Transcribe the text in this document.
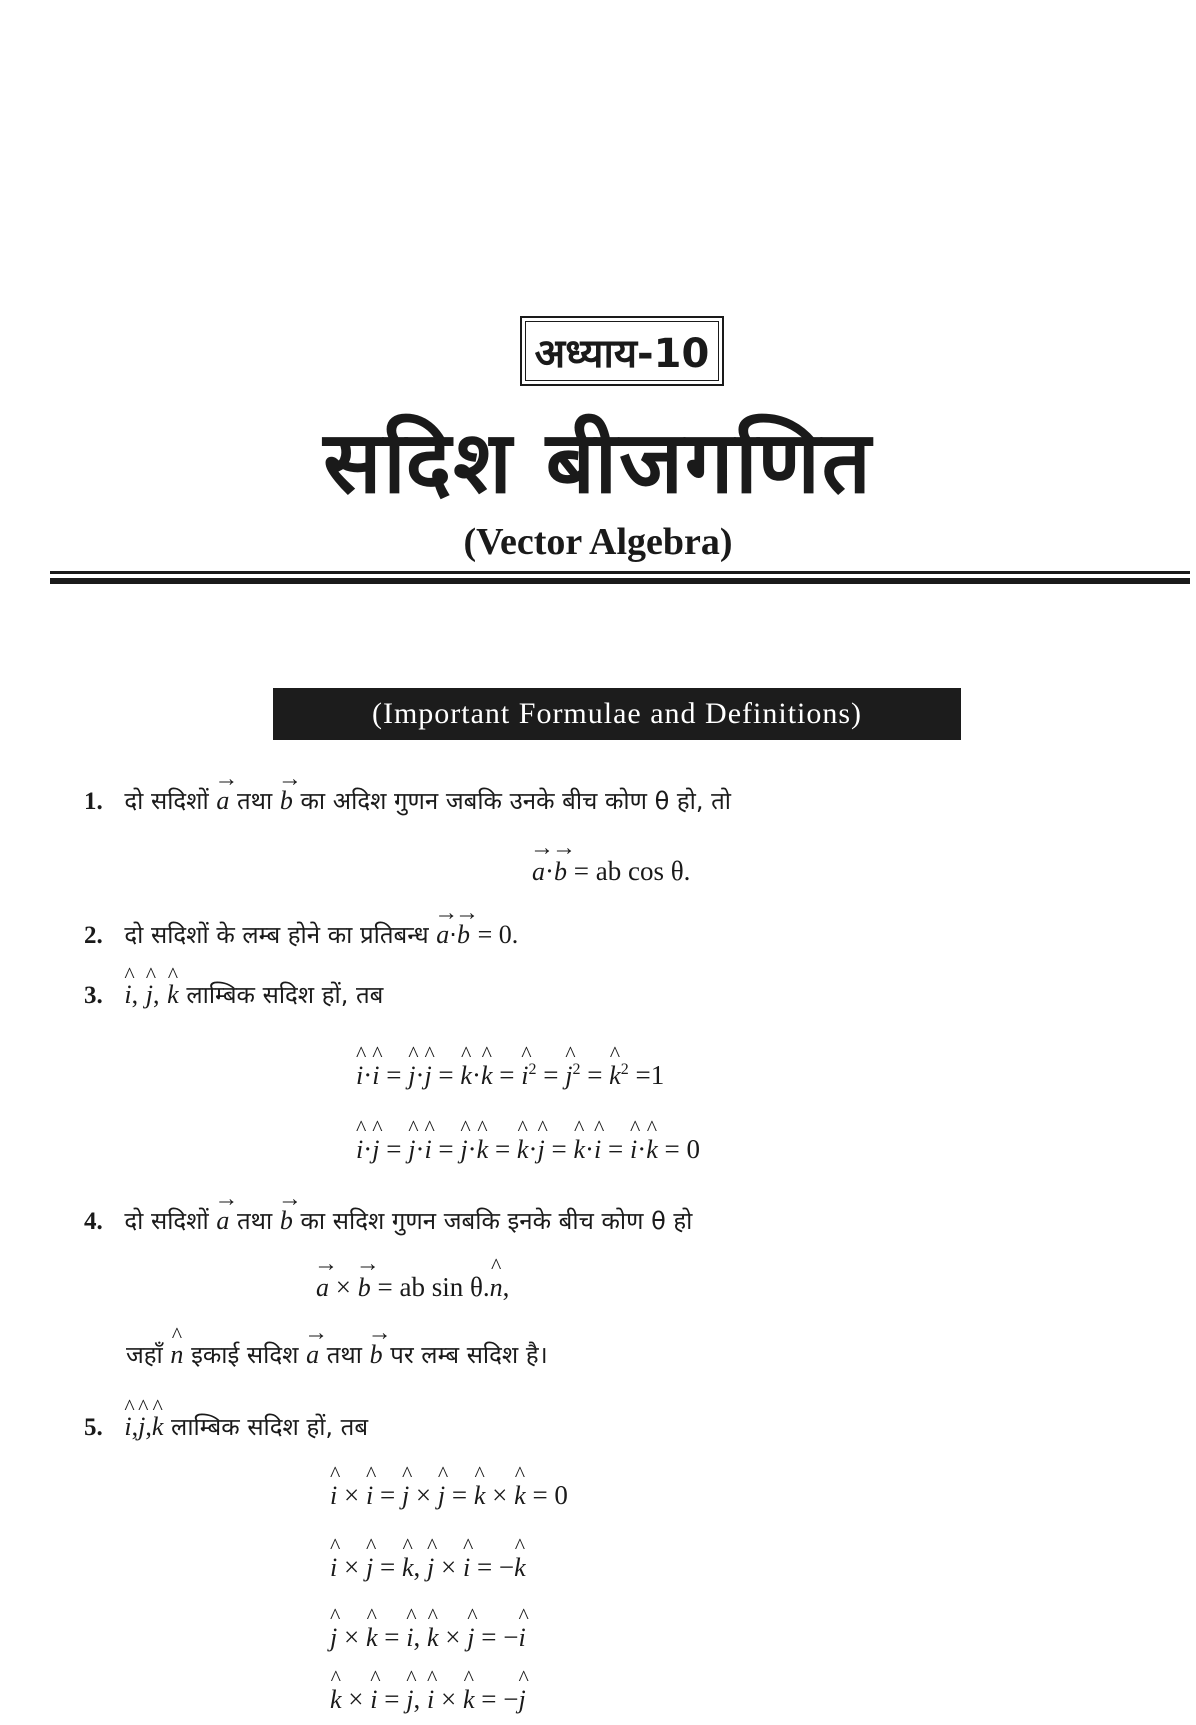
अध्याय-10
सदिश बीजगणित
(Vector Algebra)
(Important Formulae and Definitions)
1. दो सदिशों → a तथा → b का अदिश गुणन जबकि उनके बीच कोण θ हो, तो
→ a·→ b = ab cos θ.
2. दो सदिशों के लम्ब होने का प्रतिबन्ध → a·→ b = 0.
3. ^ i, ^ j, ^ k लाम्बिक सदिश हों, तब
^ i·^ i = ^ j·^ j = ^ k·^ k = ^ $i^2$ = ^ $j^2$ = ^ $k^2 =1$
^ i·^ j = ^ j·^ i = ^ j·^ k = ^ k·^ j = ^ k·^ i = ^ i·^ k = 0
4. दो सदिशों → a तथा → b का सदिश गुणन जबकि इनके बीच कोण θ हो
→ a × → b = ab sin θ.^ n,
जहाँ ^ n इकाई सदिश → a तथा → b पर लम्ब सदिश है।
5. ^ i,^ j,^ k लाम्बिक सदिश हों, तब
^ i × ^ i = ^ j × ^ j = ^ k × ^ k = 0
^ i × ^ j = ^ k, ^ j × ^ i = −^ k
^ j × ^ k = ^ i, ^ k × ^ j = −^ i
^ k × ^ i = ^ j, ^ i × ^ k = −^ j
